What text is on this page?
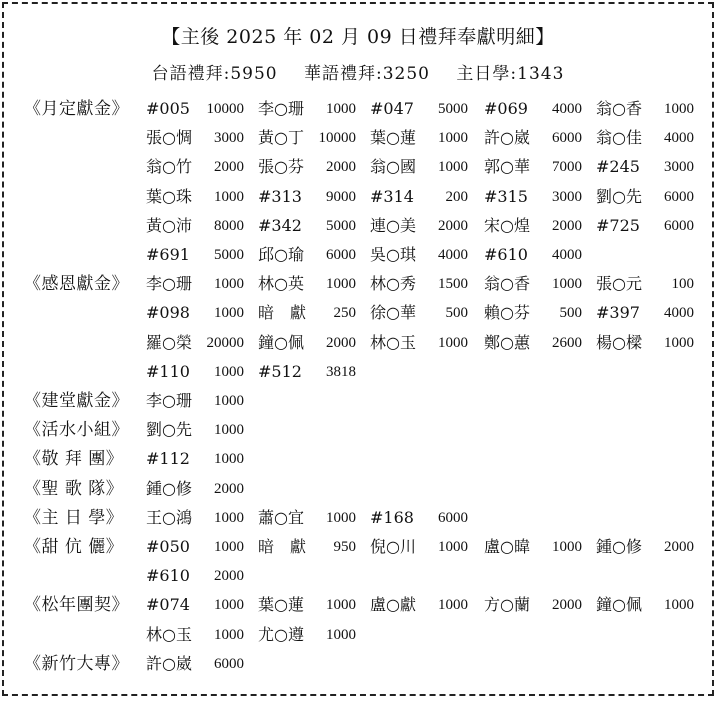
【主後 2025 年 02 月 09 日禮拜奉獻明細】
台語禮拜:5950 華語禮拜:3250 主日學:1343
《月定獻金》 #005 10000 李○珊 1000 #047 5000 #069 4000 翁○香 1000
張○惆 3000 黃○丁 10000 葉○蓮 1000 許○崴 6000 翁○佳 4000
翁○竹 2000 張○芬 2000 翁○國 1000 郭○華 7000 #245 3000
葉○珠 1000 #313 9000 #314 200 #315 3000 劉○先 6000
黃○沛 8000 #342 5000 連○美 2000 宋○煌 2000 #725 6000
#691 5000 邱○瑜 6000 吳○琪 4000 #610 4000
《感恩獻金》 李○珊 1000 林○英 1000 林○秀 1500 翁○香 1000 張○元 100
#098 1000 暗　獻 250 徐○華 500 賴○芬 500 #397 4000
羅○榮 20000 鐘○佩 2000 林○玉 1000 鄭○蕙 2600 楊○樑 1000
#110 1000 #512 3818
《建堂獻金》 李○珊 1000
《活水小組》 劉○先 1000
《敬 拜 團》 #112 1000
《聖 歌 隊》 鍾○修 2000
《主 日 學》 王○鴻 1000 蕭○宜 1000 #168 6000
《甜 伉 儷》 #050 1000 暗　獻 950 倪○川 1000 盧○暐 1000 鍾○修 2000
#610 2000
《松年團契》 #074 1000 葉○蓮 1000 盧○獻 1000 方○蘭 2000 鐘○佩 1000
林○玉 1000 尤○遵 1000
《新竹大專》 許○崴 6000
